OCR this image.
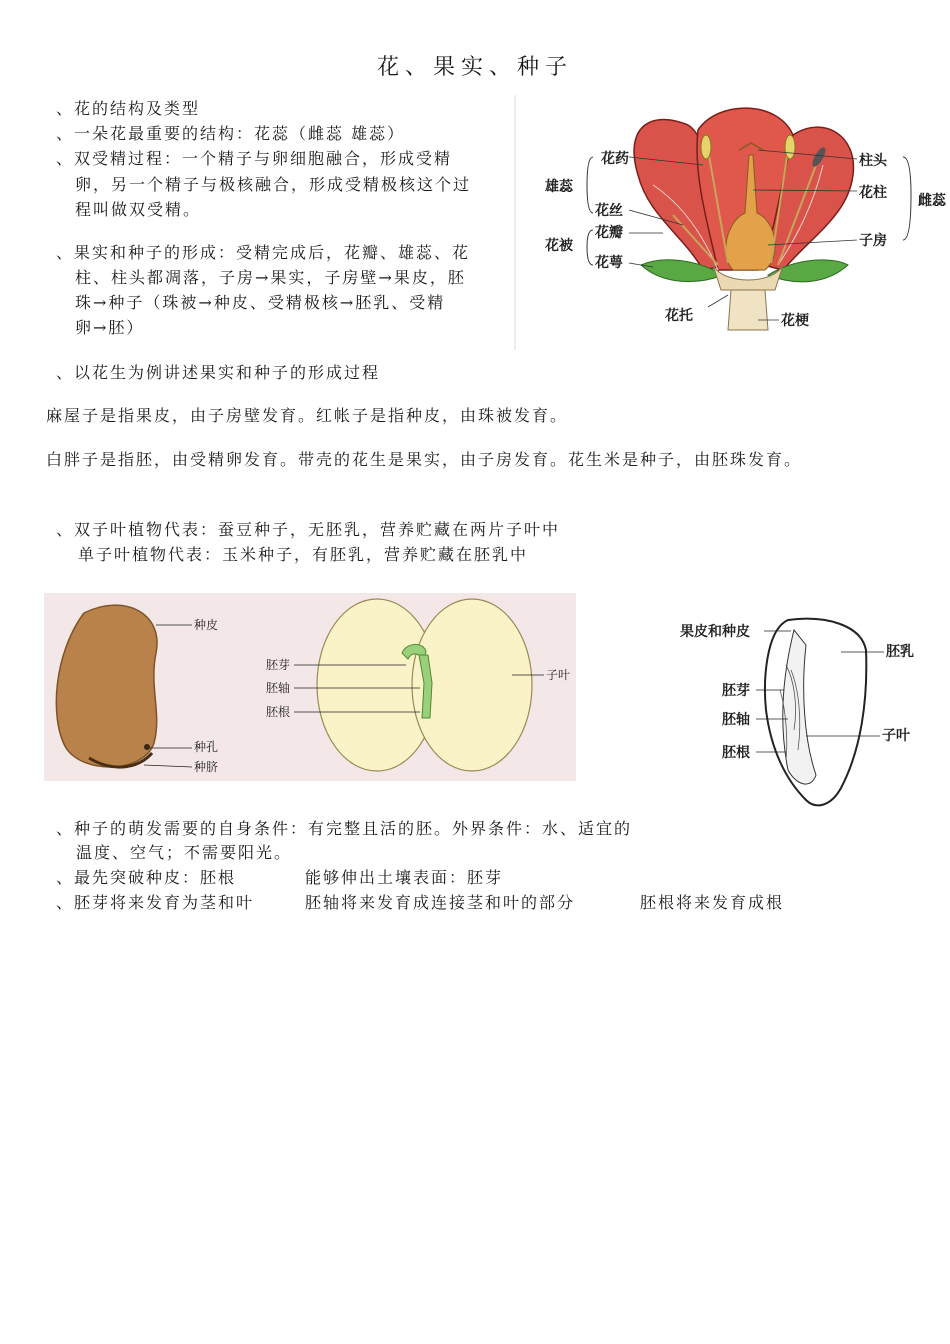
花、果实、种子
、花的结构及类型
、一朵花最重要的结构：花蕊（雌蕊 雄蕊）
、双受精过程：一个精子与卵细胞融合，形成受精
卵，另一个精子与极核融合，形成受精极核这个过
程叫做双受精。
、果实和种子的形成：受精完成后，花瓣、雄蕊、花
柱、柱头都凋落，子房→果实，子房壁→果皮，胚
珠→种子（珠被→种皮、受精极核→胚乳、受精
卵→胚）
雄蕊
花药
花丝
花被
花瓣
花萼
花托	花梗
柱头
花柱
子房
雌蕊
、以花生为例讲述果实和种子的形成过程
麻屋子是指果皮，由子房壁发育。红帐子是指种皮，由珠被发育。
白胖子是指胚，由受精卵发育。带壳的花生是果实，由子房发育。花生米是种子，由胚珠发育。
、双子叶植物代表：蚕豆种子，无胚乳，营养贮藏在两片子叶中
单子叶植物代表：玉米种子，有胚乳，营养贮藏在胚乳中
种皮
种孔
种脐
胚芽
胚轴
胚根
子叶
果皮和种皮
胚乳
胚芽
胚轴
胚根
子叶
、种子的萌发需要的自身条件：有完整且活的胚。外界条件：水、适宜的
温度、空气；不需要阳光。
、最先突破种皮：胚根	能够伸出土壤表面：胚芽
、胚芽将来发育为茎和叶	胚轴将来发育成连接茎和叶的部分	胚根将来发育成根
